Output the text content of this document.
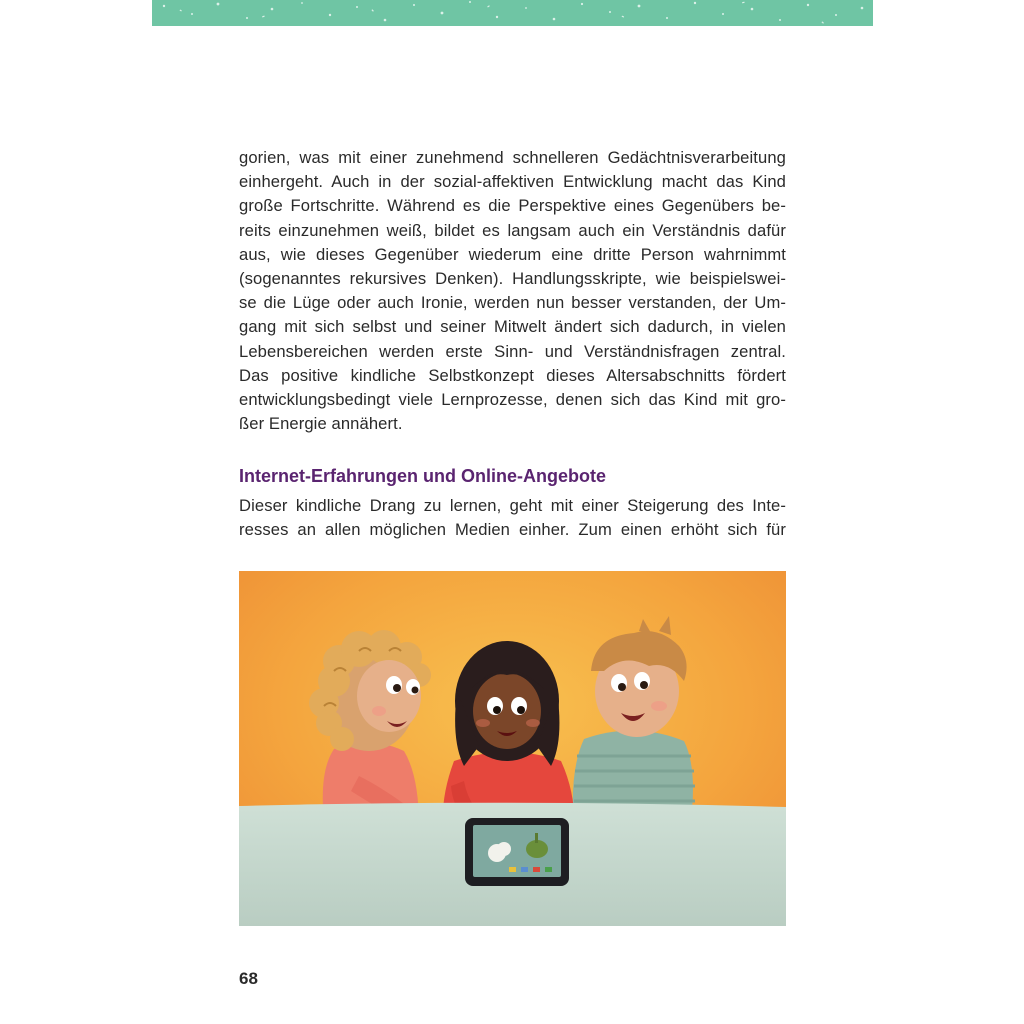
gorien, was mit einer zunehmend schnelleren Gedächtnisverarbeitung
einhergeht. Auch in der sozial-affektiven Entwicklung macht das Kind
große Fortschritte. Während es die Perspektive eines Gegenübers be-
reits einzunehmen weiß, bildet es langsam auch ein Verständnis dafür
aus, wie dieses Gegenüber wiederum eine dritte Person wahrnimmt
(sogenanntes rekursives Denken). Handlungsskripte, wie beispielswei-
se die Lüge oder auch Ironie, werden nun besser verstanden, der Um-
gang mit sich selbst und seiner Mitwelt ändert sich dadurch, in vielen
Lebensbereichen werden erste Sinn- und Verständnisfragen zentral.
Das positive kindliche Selbstkonzept dieses Altersabschnitts fördert
entwicklungsbedingt viele Lernprozesse, denen sich das Kind mit gro-
ßer Energie annähert.
Internet-Erfahrungen und Online-Angebote
Dieser kindliche Drang zu lernen, geht mit einer Steigerung des Inte-
resses an allen möglichen Medien einher. Zum einen erhöht sich für
68
